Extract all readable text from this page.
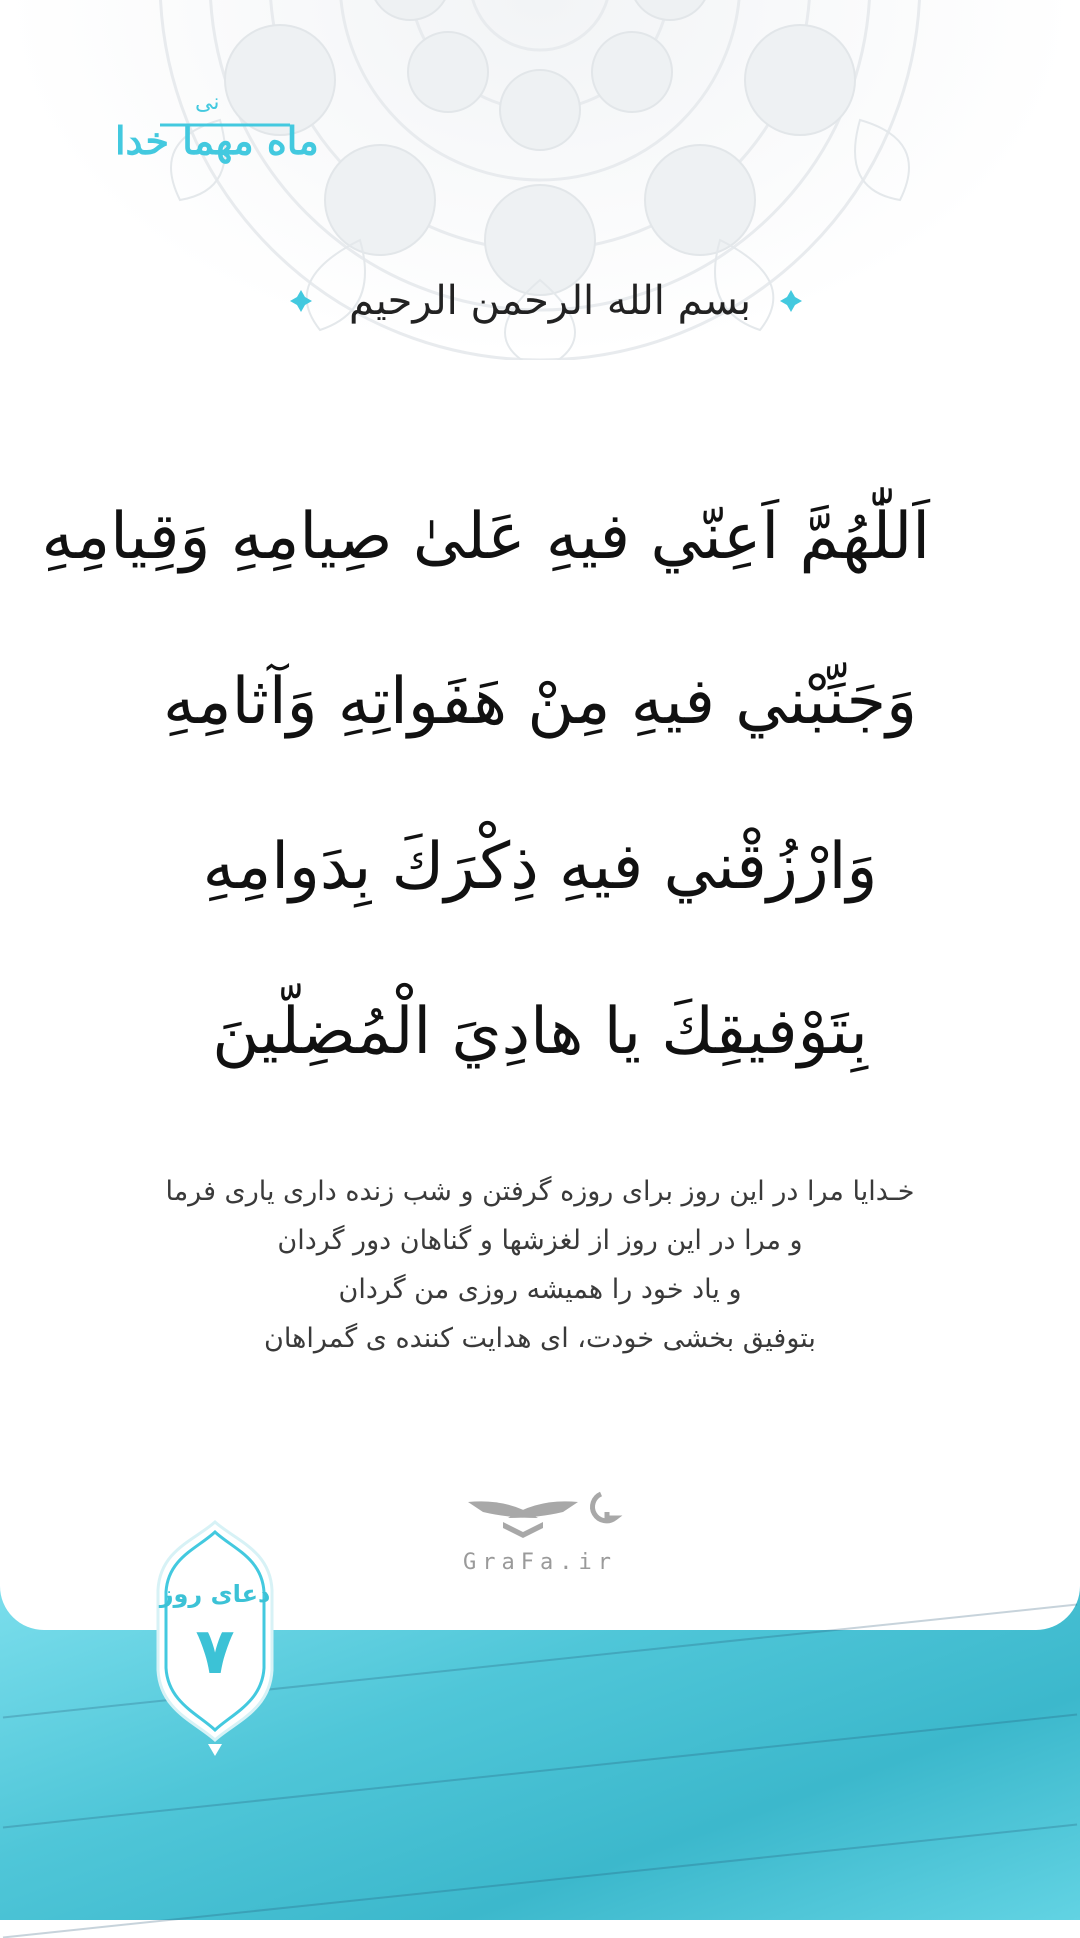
نی
ماه مهما خدا
بسم الله الرحمن الرحيم
اَللّٰهُمَّ اَعِنّي فيهِ عَلىٰ صِيامِهِ وَقِيامِهِ
وَجَنِّبْني فيهِ مِنْ هَفَواتِهِ وَآثامِهِ
وَارْزُقْني فيهِ ذِكْرَكَ بِدَوامِهِ
بِتَوْفيقِكَ يا هادِيَ الْمُضِلّينَ
خـدایا مرا در این روز برای روزه گرفتن و شب زنده داری یاری فرما
و مرا در این روز از لغزشها و گناهان دور گردان
و یاد خود را همیشه روزی من گردان
بتوفیق بخشی خودت، ای هدایت کننده ی گمراهان
GraFa.ir
دعای روز
۷
